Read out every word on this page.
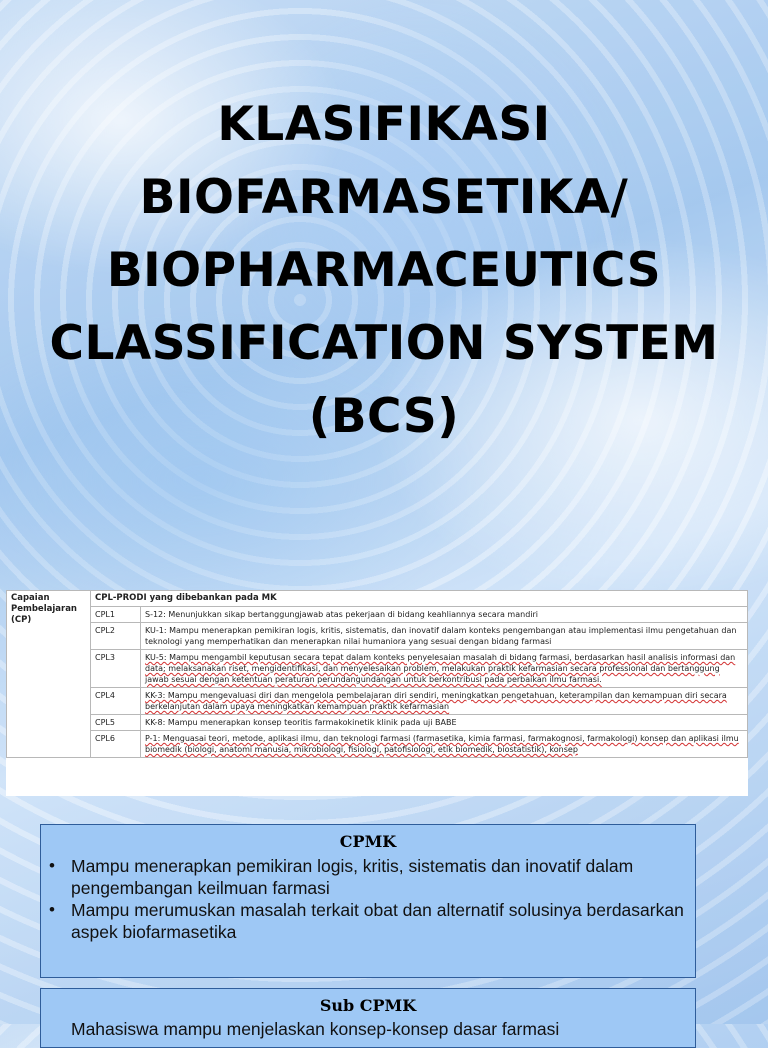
KLASIFIKASI
BIOFARMASETIKA/
BIOPHARMACEUTICS
CLASSIFICATION SYSTEM
(BCS)
Capaian Pembelajaran (CP)	CPL-PRODI yang dibebankan pada MK	
	CPL1	S-12: Menunjukkan sikap bertanggungjawab atas pekerjaan di bidang keahliannya secara mandiri
	CPL2	KU-1: Mampu menerapkan pemikiran logis, kritis, sistematis, dan inovatif dalam konteks pengembangan atau implementasi ilmu pengetahuan dan teknologi yang memperhatikan dan menerapkan nilai humaniora yang sesuai dengan bidang farmasi
	CPL3	KU-5: Mampu mengambil keputusan secara tepat dalam konteks penyelesaian masalah di bidang farmasi, berdasarkan hasil analisis informasi dan data; melaksanakan riset, mengidentifikasi, dan menyelesaikan problem, melakukan praktik kefarmasian secara professional dan bertanggung jawab sesuai dengan ketentuan peraturan perundangundangan untuk berkontribusi pada perbaikan ilmu farmasi.
	CPL4	KK-3: Mampu mengevaluasi diri dan mengelola pembelajaran diri sendiri, meningkatkan pengetahuan, keterampilan dan kemampuan diri secara berkelanjutan dalam upaya meningkatkan kemampuan praktik kefarmasian
	CPL5	KK-8: Mampu menerapkan konsep teoritis farmakokinetik klinik pada uji BABE
	CPL6	P-1: Menguasai teori, metode, aplikasi ilmu, dan teknologi farmasi (farmasetika, kimia farmasi, farmakognosi, farmakologi) konsep dan aplikasi ilmu biomedik (biologi, anatomi manusia, mikrobiologi, fisiologi, patofisiologi, etik biomedik, biostatistik), konsep
CPMK
• Mampu menerapkan pemikiran logis, kritis, sistematis dan inovatif dalam pengembangan keilmuan farmasi
• Mampu merumuskan masalah terkait obat dan alternatif solusinya berdasarkan aspek biofarmasetika
Sub CPMK
Mahasiswa mampu menjelaskan konsep-konsep dasar farmasi
